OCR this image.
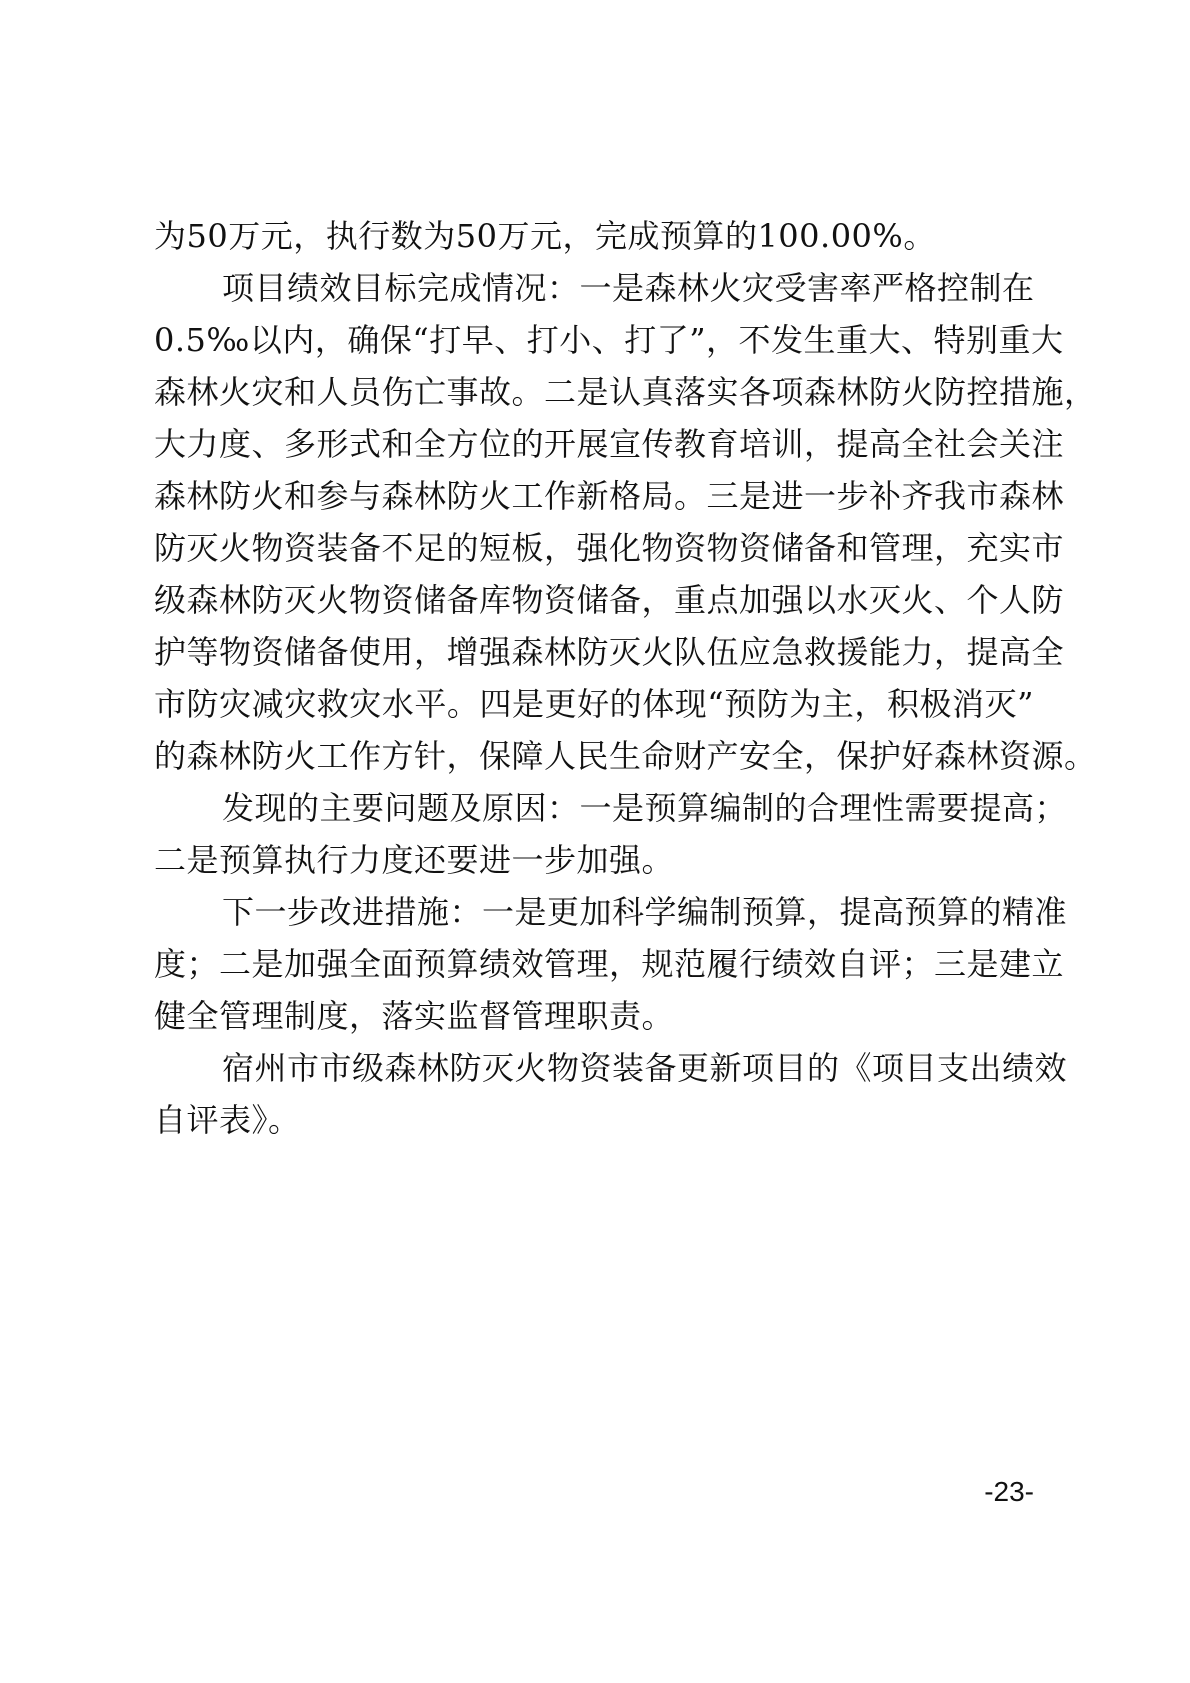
为50万元，执行数为50万元，完成预算的100.00%。
项目绩效目标完成情况：一是森林火灾受害率严格控制在
0.5‰以内，确保“打早、打小、打了”，不发生重大、特别重大
森林火灾和人员伤亡事故。二是认真落实各项森林防火防控措施，
大力度、多形式和全方位的开展宣传教育培训，提高全社会关注
森林防火和参与森林防火工作新格局。三是进一步补齐我市森林
防灭火物资装备不足的短板，强化物资物资储备和管理，充实市
级森林防灭火物资储备库物资储备，重点加强以水灭火、个人防
护等物资储备使用，增强森林防灭火队伍应急救援能力，提高全
市防灾减灾救灾水平。四是更好的体现“预防为主，积极消灭”
的森林防火工作方针，保障人民生命财产安全，保护好森林资源。
发现的主要问题及原因：一是预算编制的合理性需要提高；
二是预算执行力度还要进一步加强。
下一步改进措施：一是更加科学编制预算，提高预算的精准
度；二是加强全面预算绩效管理，规范履行绩效自评；三是建立
健全管理制度，落实监督管理职责。
宿州市市级森林防灭火物资装备更新项目的《项目支出绩效
自评表》。
-23-
